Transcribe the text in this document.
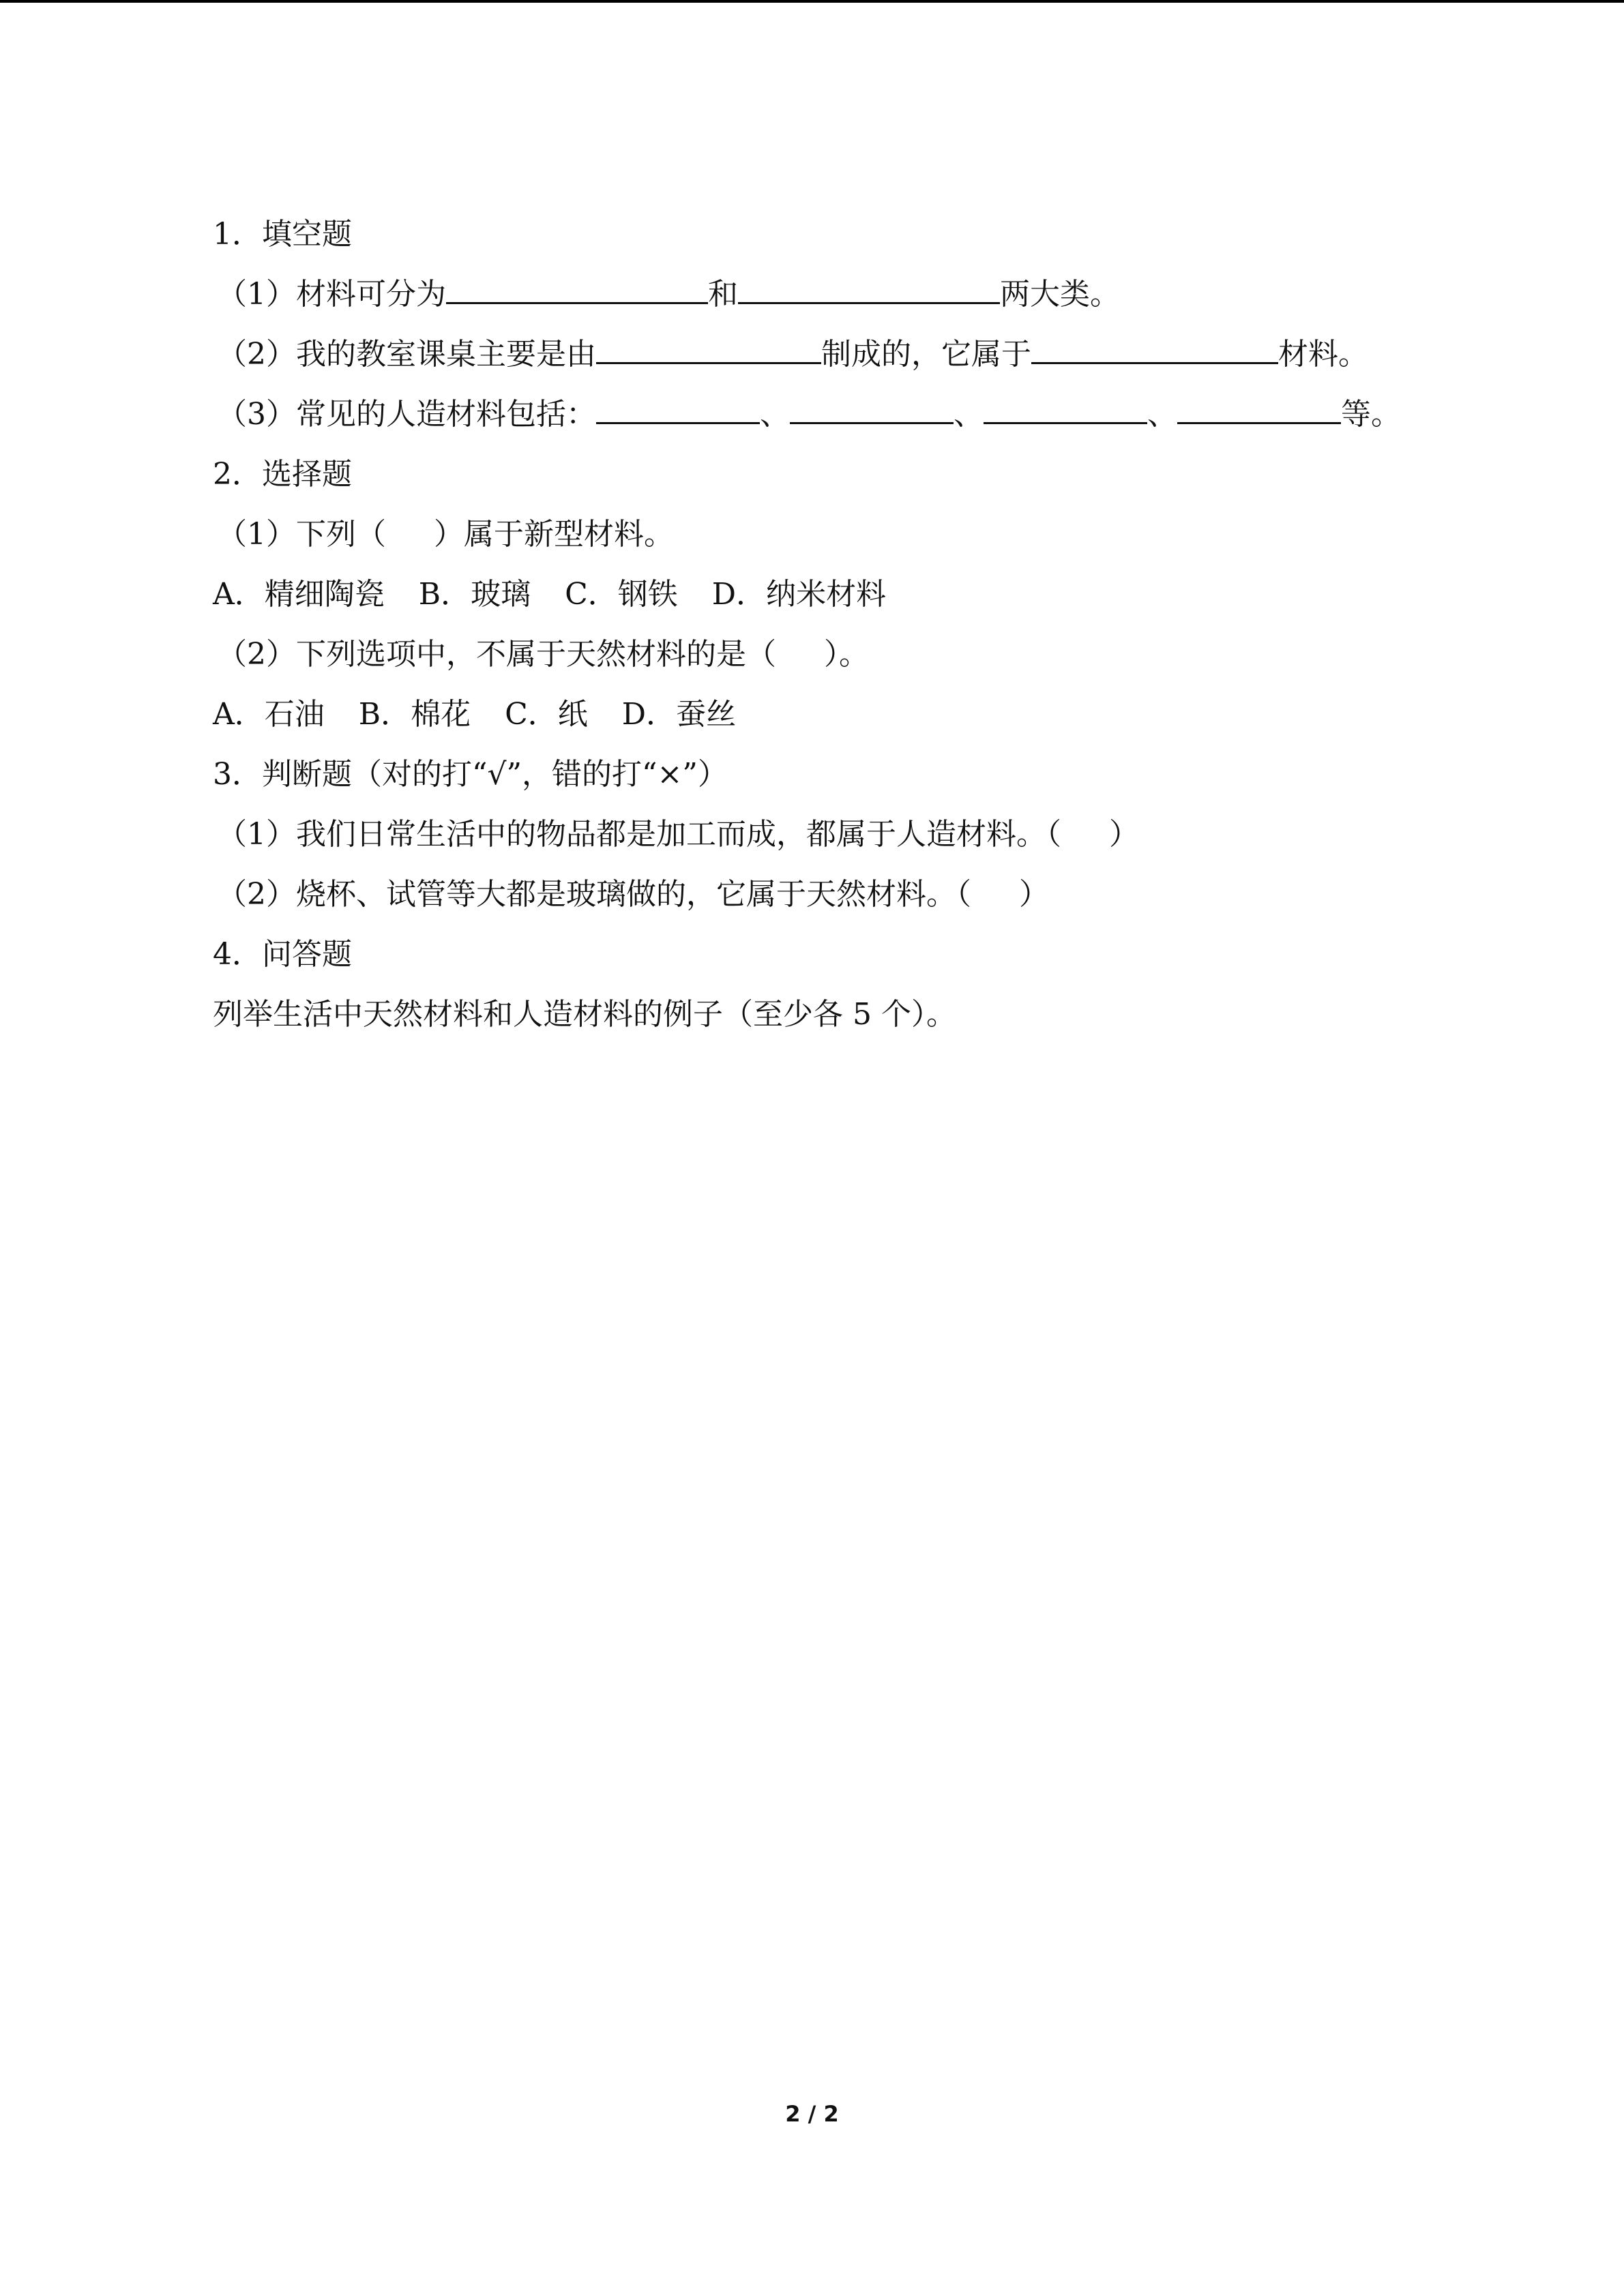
1．填空题
（1）材料可分为	和	两大类。
（2）我的教室课桌主要是由	制成的，它属于	材料。
（3）常见的人造材料包括：	、	、	、	等。
2．选择题
（1）下列（ ）属于新型材料。
A．精细陶瓷 B．玻璃 C．钢铁 D．纳米材料
（2）下列选项中，不属于天然材料的是（ ）。
A．石油 B．棉花 C．纸 D．蚕丝
3．判断题（对的打“√”，错的打“×”）
（1）我们日常生活中的物品都是加工而成，都属于人造材料。（ ）
（2）烧杯、试管等大都是玻璃做的，它属于天然材料。（ ）
4．问答题
列举生活中天然材料和人造材料的例子（至少各 5 个）。
2 / 2
